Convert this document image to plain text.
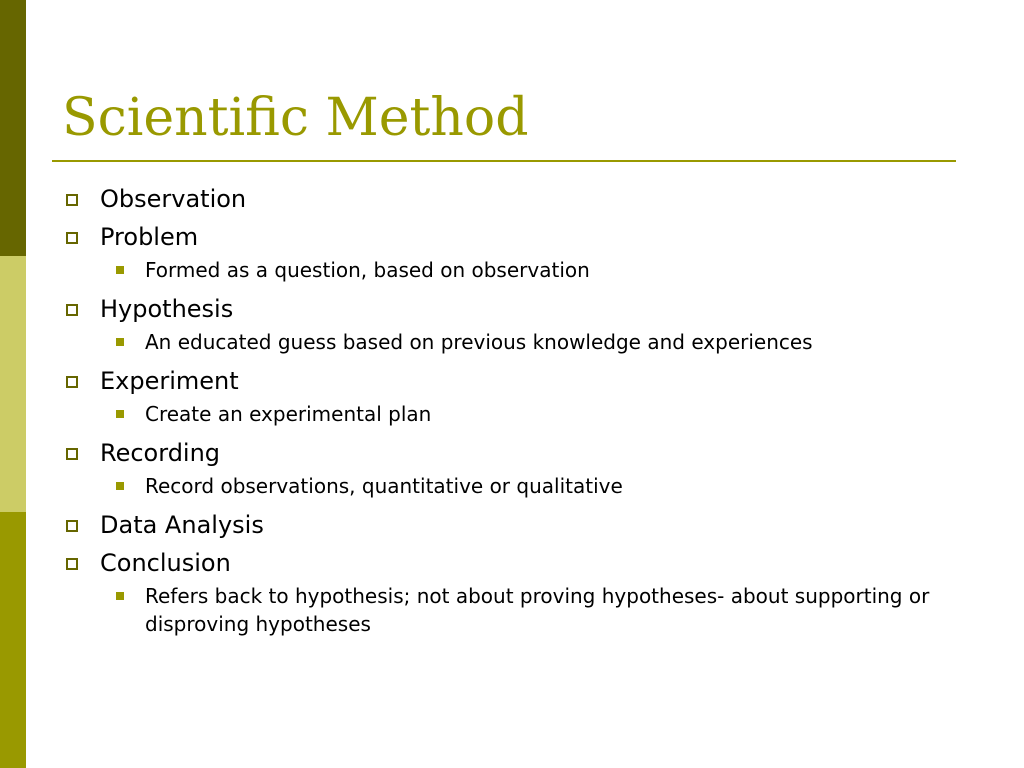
Scientific Method
Observation
Problem
Formed as a question, based on observation
Hypothesis
An educated guess based on previous knowledge and experiences
Experiment
Create an experimental plan
Recording
Record observations, quantitative or qualitative
Data Analysis
Conclusion
Refers back to hypothesis; not about proving hypotheses- about supporting or disproving hypotheses
